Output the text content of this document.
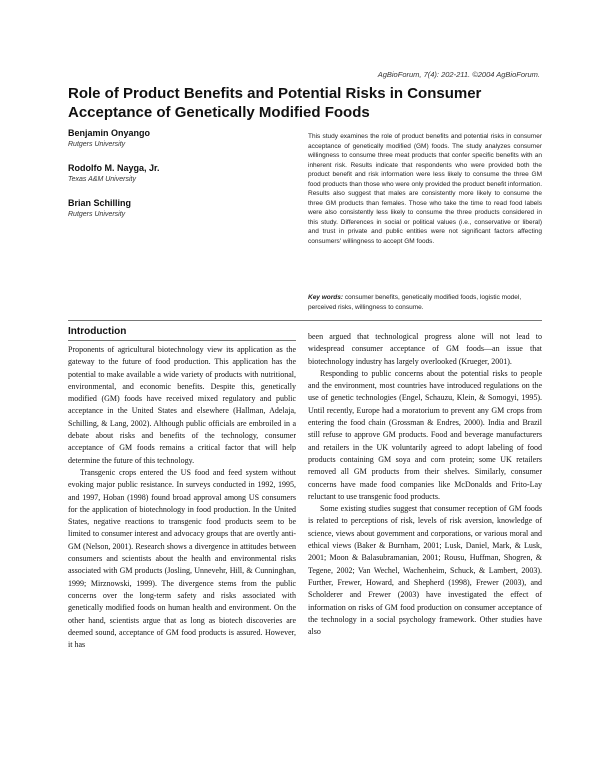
AgBioForum, 7(4): 202-211. ©2004 AgBioForum.
Role of Product Benefits and Potential Risks in Consumer Acceptance of Genetically Modified Foods
Benjamin Onyango
Rutgers University
Rodolfo M. Nayga, Jr.
Texas A&M University
Brian Schilling
Rutgers University

This study examines the role of product benefits and potential risks in consumer acceptance of genetically modified (GM) foods. The study analyzes consumer willingness to consume three meat products that confer specific benefits with an inherent risk. Results indicate that respondents who were provided both the product benefit and risk information were less likely to consume the three GM food products than those who were only provided the product benefit information. Results also suggest that males are consistently more likely to consume the three GM products than females. Those who take the time to read food labels were also consistently less likely to consume the three products considered in this study. Differences in social or political values (i.e., conservative or liberal) and trust in private and public entities were not significant factors affecting consumers' willingness to accept GM foods.

Key words: consumer benefits, genetically modified foods, logistic model, perceived risks, willingness to consume.

Introduction

Proponents of agricultural biotechnology view its application as the gateway to the future of food production. This application has the potential to make available a wide variety of products with nutritional, environmental, and economic benefits. Despite this, genetically modified (GM) foods have received mixed regulatory and public acceptance in the United States and elsewhere (Hallman, Adelaja, Schilling, & Lang, 2002). Although public officials are embroiled in a debate about risks and benefits of the technology, consumer acceptance of GM foods remains a critical factor that will help determine the future of this technology.

Transgenic crops entered the US food and feed system without evoking major public resistance. In surveys conducted in 1992, 1995, and 1997, Hoban (1998) found broad approval among US consumers for the application of biotechnology in food production. In the United States, negative reactions to transgenic food products seem to be limited to consumer interest and advocacy groups that are overtly anti-GM (Nelson, 2001). Research shows a divergence in attitudes between consumers and scientists about the health and environmental risks associated with GM products (Josling, Unnevehr, Hill, & Cunninghan, 1999; Mirznowski, 1999). The divergence stems from the public concerns over the long-term safety and risks associated with genetically modified foods on human health and environment. On the other hand, scientists argue that as long as biotech discoveries are deemed sound, acceptance of GM food products is assured. However, it has

been argued that technological progress alone will not lead to widespread consumer acceptance of GM foods—an issue that biotechnology industry has largely overlooked (Krueger, 2001).

Responding to public concerns about the potential risks to people and the environment, most countries have introduced regulations on the use of genetic technologies (Engel, Schauzu, Klein, & Somogyi, 1995). Until recently, Europe had a moratorium to prevent any GM crops from entering the food chain (Grossman & Endres, 2000). India and Brazil still refuse to approve GM products. Food and beverage manufacturers and retailers in the UK voluntarily agreed to adopt labeling of food products containing GM soya and corn protein; some UK retailers removed all GM products from their shelves. Similarly, consumer concerns have made food companies like McDonalds and Frito-Lay reluctant to use transgenic food products.

Some existing studies suggest that consumer reception of GM foods is related to perceptions of risk, levels of risk aversion, knowledge of science, views about government and corporations, or various moral and ethical views (Baker & Burnham, 2001; Lusk, Daniel, Mark, & Lusk, 2001; Moon & Balasubramanian, 2001; Rousu, Huffman, Shogren, & Tegene, 2002; Van Wechel, Wachenheim, Schuck, & Lambert, 2003). Further, Frewer, Howard, and Shepherd (1998), Frewer (2003), and Scholderer and Frewer (2003) have investigated the effect of information on risks of GM food production on consumer acceptance of the technology in a social psychology framework. Other studies have also
